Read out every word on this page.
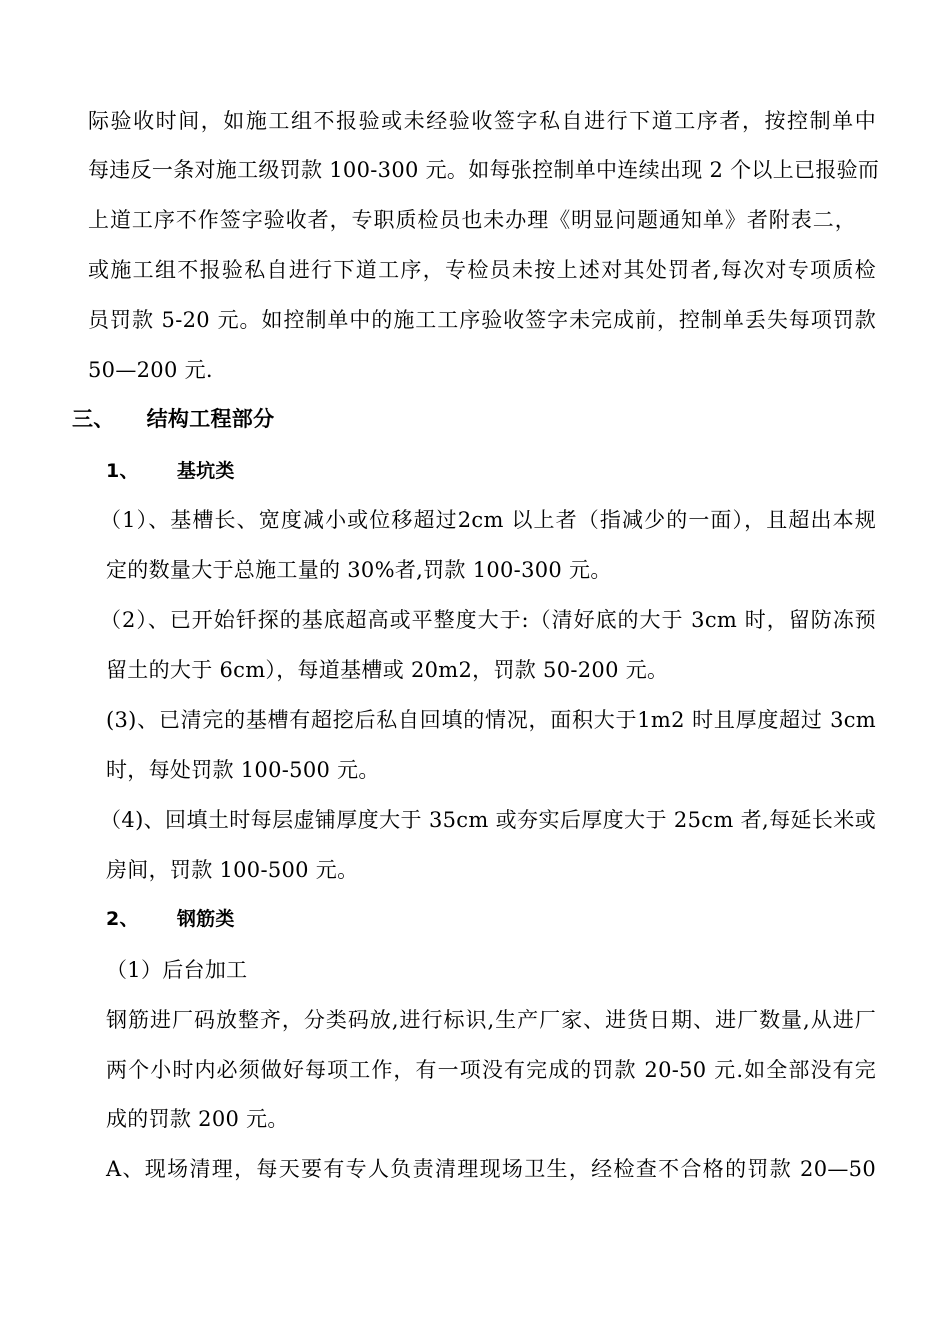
际验收时间，如施工组不报验或未经验收签字私自进行下道工序者，按控制单中
每违反一条对施工级罚款 100-300 元。如每张控制单中连续出现 2 个以上已报验而
上道工序不作签字验收者，专职质检员也未办理《明显问题通知单》者附表二，
或施工组不报验私自进行下道工序，专检员未按上述对其处罚者,每次对专项质检
员罚款 5-20 元。如控制单中的施工工序验收签字未完成前，控制单丢失每项罚款
50—200 元.
三、 结构工程部分
1、 基坑类
（1）、基槽长、宽度减小或位移超过2cm 以上者（指减少的一面），且超出本规
定的数量大于总施工量的 30%者,罚款 100-300 元。
（2）、已开始钎探的基底超高或平整度大于:（清好底的大于 3cm 时，留防冻预
留土的大于 6cm），每道基槽或 20m2，罚款 50-200 元。
(3)、已清完的基槽有超挖后私自回填的情况，面积大于1m2 时且厚度超过 3cm
时，每处罚款 100-500 元。
（4)、回填土时每层虚铺厚度大于 35cm 或夯实后厚度大于 25cm 者,每延长米或
房间，罚款 100-500 元。
2、 钢筋类
（1）后台加工
钢筋进厂码放整齐，分类码放,进行标识,生产厂家、进货日期、进厂数量,从进厂
两个小时内必须做好每项工作，有一项没有完成的罚款 20-50 元.如全部没有完
成的罚款 200 元。
A、现场清理，每天要有专人负责清理现场卫生，经检查不合格的罚款 20—50
